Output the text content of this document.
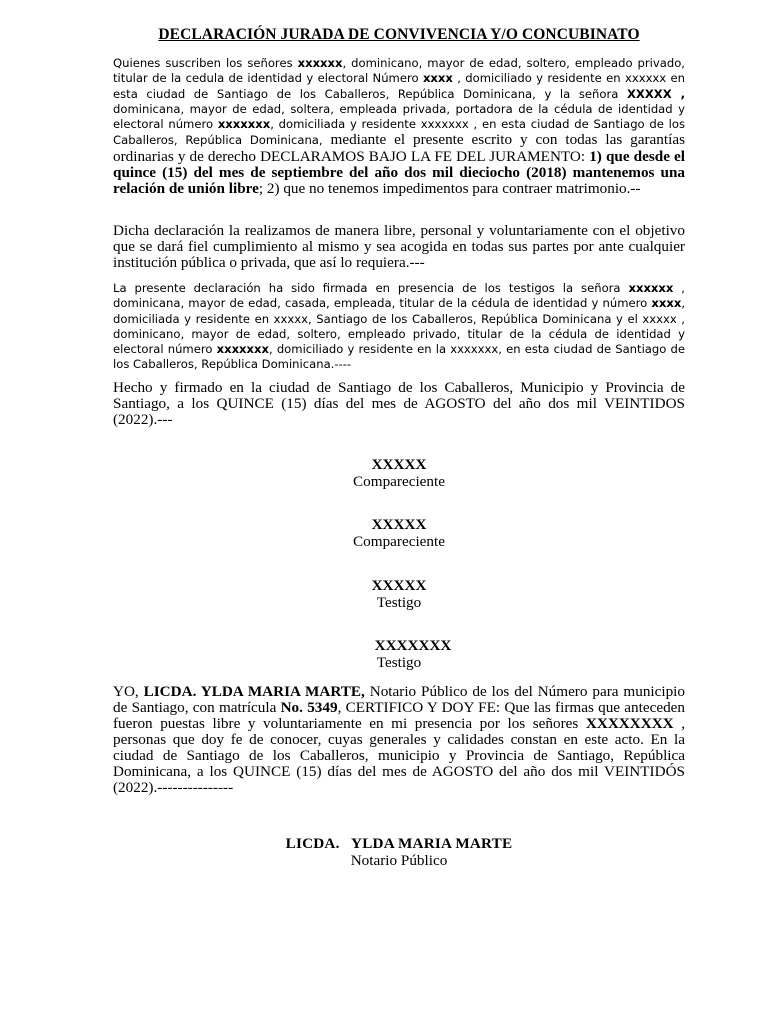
DECLARACIÓN JURADA DE CONVIVENCIA Y/O CONCUBINATO

Quienes suscriben los señores xxxxxx, dominicano, mayor de edad, soltero, empleado privado, titular de la cedula de identidad y electoral Número xxxx , domiciliado y residente en xxxxxx en esta ciudad de Santiago de los Caballeros, República Dominicana, y la señora XXXXX , dominicana, mayor de edad, soltera, empleada privada, portadora de la cédula de identidad y electoral número xxxxxxx, domiciliada y residente xxxxxxx , en esta ciudad de Santiago de los Caballeros, República Dominicana, mediante el presente escrito y con todas las garantías ordinarias y de derecho DECLARAMOS BAJO LA FE DEL JURAMENTO: 1) que desde el quince (15) del mes de septiembre del año dos mil dieciocho (2018) mantenemos una relación de unión libre; 2) que no tenemos impedimentos para contraer matrimonio.--

Dicha declaración la realizamos de manera libre, personal y voluntariamente con el objetivo que se dará fiel cumplimiento al mismo y sea acogida en todas sus partes por ante cualquier institución pública o privada, que así lo requiera.---

La presente declaración ha sido firmada en presencia de los testigos la señora xxxxxx , dominicana, mayor de edad, casada, empleada, titular de la cédula de identidad y número xxxx, domiciliada y residente en xxxxx, Santiago de los Caballeros, República Dominicana y el xxxxx , dominicano, mayor de edad, soltero, empleado privado, titular de la cédula de identidad y electoral número xxxxxxx, domiciliado y residente en la xxxxxxx, en esta ciudad de Santiago de los Caballeros, República Dominicana.----

Hecho y firmado en la ciudad de Santiago de los Caballeros, Municipio y Provincia de Santiago, a los QUINCE (15) días del mes de AGOSTO del año dos mil VEINTIDOS (2022).---

XXXXX
Compareciente
XXXXX
Compareciente
XXXXX
Testigo
XXXXXXX
Testigo

YO, LICDA. YLDA MARIA MARTE, Notario Público de los del Número para municipio de Santiago, con matrícula No. 5349, CERTIFICO Y DOY FE: Que las firmas que anteceden fueron puestas libre y voluntariamente en mi presencia por los señores XXXXXXXX , personas que doy fe de conocer, cuyas generales y calidades constan en este acto. En la ciudad de Santiago de los Caballeros, municipio y Provincia de Santiago, República Dominicana, a los QUINCE (15) días del mes de AGOSTO del año dos mil VEINTIDÓS (2022).---------------

LICDA.   YLDA MARIA MARTE
Notario Público
